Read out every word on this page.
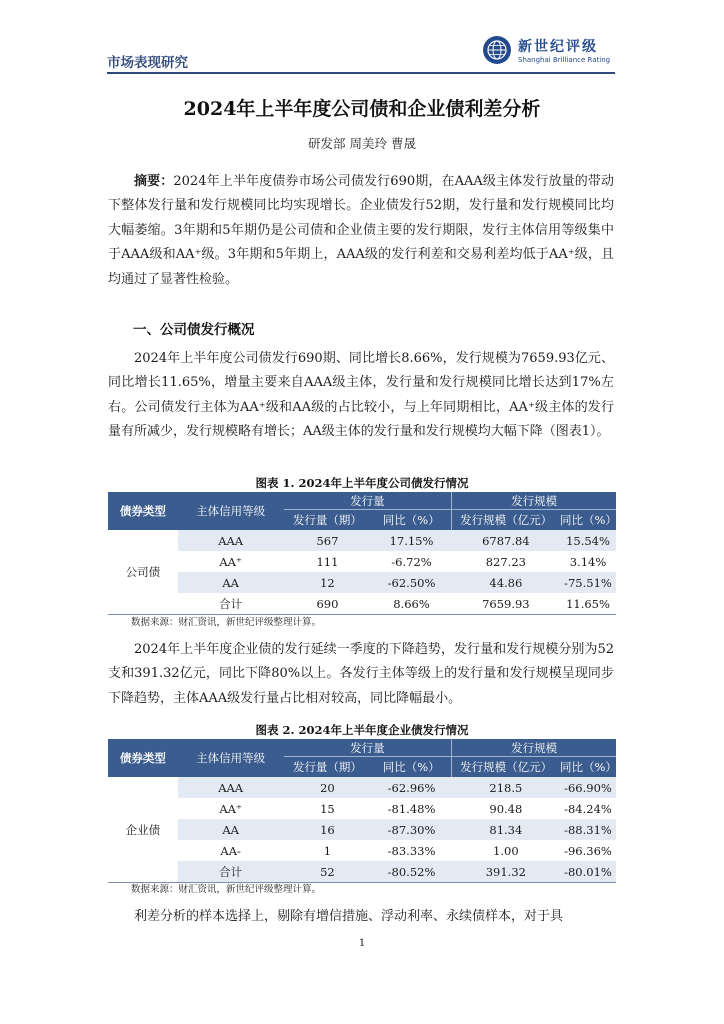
市场表现研究
新世纪评级
Shanghai Brilliance Rating
2024年上半年度公司债和企业债利差分析
研发部 周美玲 曹晟
摘要：2024年上半年度债券市场公司债发行690期，在AAA级主体发行放量的带动下整体发行量和发行规模同比均实现增长。企业债发行52期，发行量和发行规模同比均大幅萎缩。3年期和5年期仍是公司债和企业债主要的发行期限，发行主体信用等级集中于AAA级和AA⁺级。3年期和5年期上，AAA级的发行利差和交易利差均低于AA⁺级，且均通过了显著性检验。
一、公司债发行概况
2024年上半年度公司债发行690期、同比增长8.66%，发行规模为7659.93亿元、同比增长11.65%，增量主要来自AAA级主体，发行量和发行规模同比增长达到17%左右。公司债发行主体为AA⁺级和AA级的占比较小，与上年同期相比，AA⁺级主体的发行量有所减少，发行规模略有增长；AA级主体的发行量和发行规模均大幅下降（图表1）。
图表 1. 2024年上半年度公司债发行情况
债券类型	主体信用等级	发行量		发行规模	
		发行量（期）	同比（%）	发行规模（亿元）	同比（%）
公司债	AAA	567	17.15%	6787.84	15.54%
	AA⁺	111	-6.72%	827.23	3.14%
	AA	12	-62.50%	44.86	-75.51%
	合计	690	8.66%	7659.93	11.65%
数据来源：财汇资讯，新世纪评级整理计算。
2024年上半年度企业债的发行延续一季度的下降趋势，发行量和发行规模分别为52支和391.32亿元，同比下降80%以上。各发行主体等级上的发行量和发行规模呈现同步下降趋势，主体AAA级发行量占比相对较高，同比降幅最小。
图表 2. 2024年上半年度企业债发行情况
债券类型	主体信用等级	发行量		发行规模	
		发行量（期）	同比（%）	发行规模（亿元）	同比（%）
企业债	AAA	20	-62.96%	218.5	-66.90%
	AA⁺	15	-81.48%	90.48	-84.24%
	AA	16	-87.30%	81.34	-88.31%
	AA-	1	-83.33%	1.00	-96.36%
	合计	52	-80.52%	391.32	-80.01%
数据来源：财汇资讯，新世纪评级整理计算。
利差分析的样本选择上，剔除有增信措施、浮动利率、永续债样本，对于具
1
